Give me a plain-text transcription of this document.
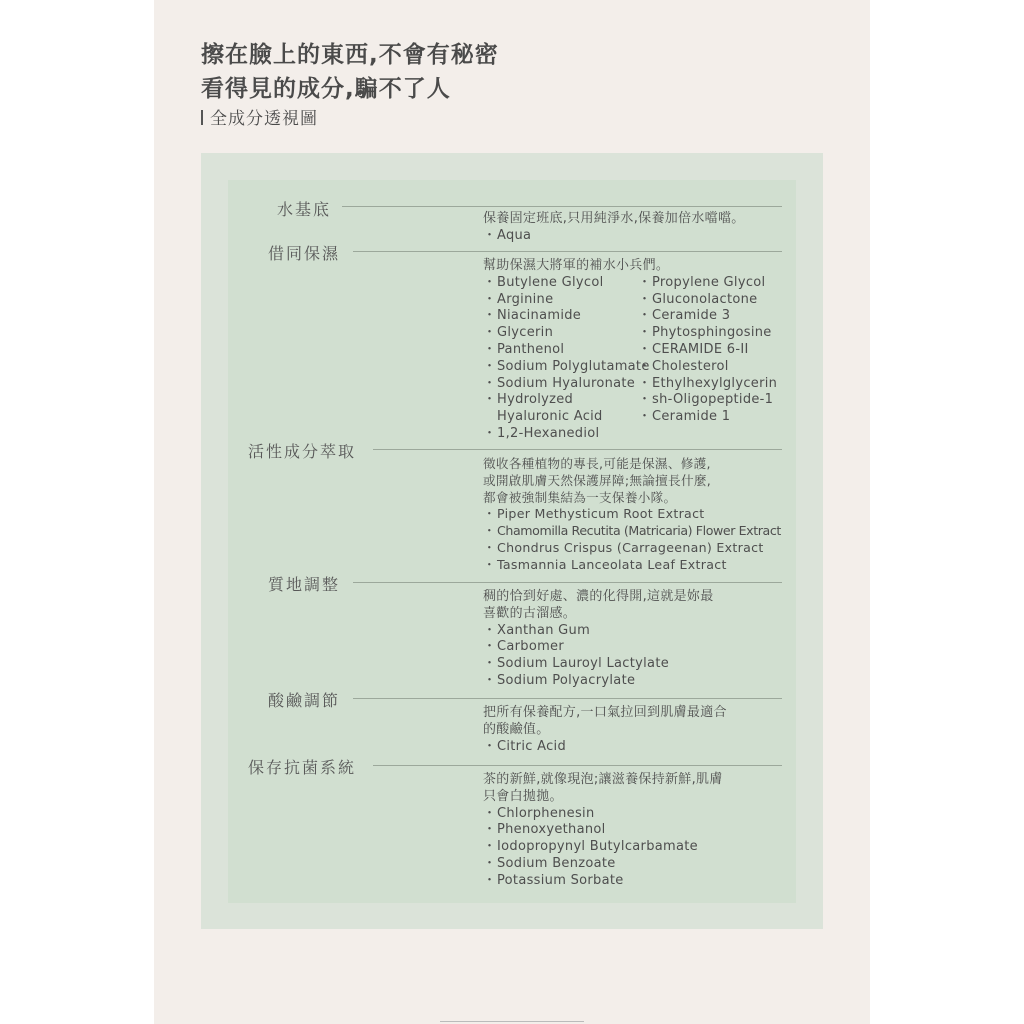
擦在臉上的東西,不會有秘密
看得見的成分,騙不了人

全成分透視圖

水基底	保養固定班底,只用純淨水,保養加倍水噹噹。
・ Aqua
借同保濕
幫助保濕大將軍的補水小兵們。
・ Butylene Glycol
・ Arginine
・ Niacinamide
・ Glycerin
・ Panthenol
・ Sodium Polyglutamate
・ Sodium Hyaluronate
・ Hydrolyzed Hyaluronic Acid
・ 1,2-Hexanediol
・ Propylene Glycol
・ Gluconolactone
・ Ceramide 3
・ Phytosphingosine
・ CERAMIDE 6-II
・ Cholesterol
・ Ethylhexylglycerin
・ sh-Oligopeptide-1
・ Ceramide 1
活性成分萃取
徵收各種植物的專長,可能是保濕、修護,
或開啟肌膚天然保護屏障;無論擅長什麼,
都會被強制集結為一支保養小隊。
・ Piper Methysticum Root Extract
・ Chamomilla Recutita (Matricaria) Flower Extract
・ Chondrus Crispus (Carrageenan) Extract
・ Tasmannia Lanceolata Leaf Extract
質地調整
稠的恰到好處、濃的化得開,這就是妳最
喜歡的古溜感。
・ Xanthan Gum
・ Carbomer
・ Sodium Lauroyl Lactylate
・ Sodium Polyacrylate
酸鹼調節
把所有保養配方,一口氣拉回到肌膚最適合
的酸鹼值。
・ Citric Acid
保存抗菌系統
茶的新鮮,就像現泡;讓滋養保持新鮮,肌膚
只會白拋拋。
・ Chlorphenesin
・ Phenoxyethanol
・ Iodopropynyl Butylcarbamate
・ Sodium Benzoate
・ Potassium Sorbate
